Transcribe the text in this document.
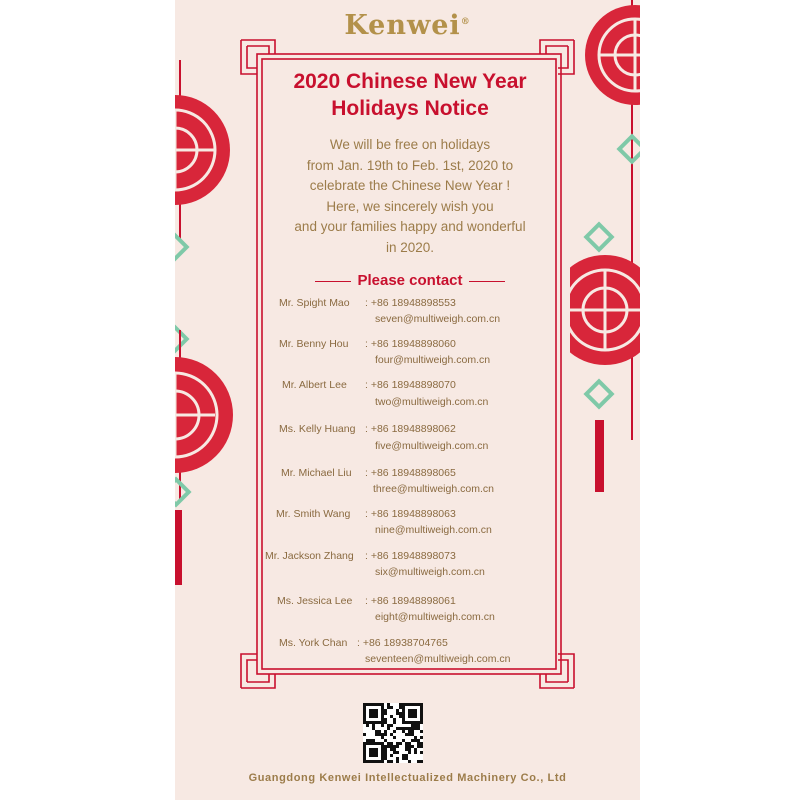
Kenwei®
2020 Chinese New Year
Holidays Notice
We will be free on holidays
from Jan. 19th to Feb. 1st, 2020 to
celebrate the Chinese New Year !
Here, we sincerely wish you
and your families happy and wonderful
in 2020.
Please contact
Mr. Spight Mao : +86 18948898553
seven@multiweigh.com.cn
Mr. Benny Hou : +86 18948898060
four@multiweigh.com.cn
Mr. Albert Lee : +86 18948898070
two@multiweigh.com.cn
Ms. Kelly Huang : +86 18948898062
five@multiweigh.com.cn
Mr. Michael Liu : +86 18948898065
three@multiweigh.com.cn
Mr. Smith Wang : +86 18948898063
nine@multiweigh.com.cn
Mr. Jackson Zhang : +86 18948898073
six@multiweigh.com.cn
Ms. Jessica Lee : +86 18948898061
eight@multiweigh.com.cn
Ms. York Chan : +86 18938704765
seventeen@multiweigh.com.cn
Guangdong Kenwei Intellectualized Machinery Co., Ltd
